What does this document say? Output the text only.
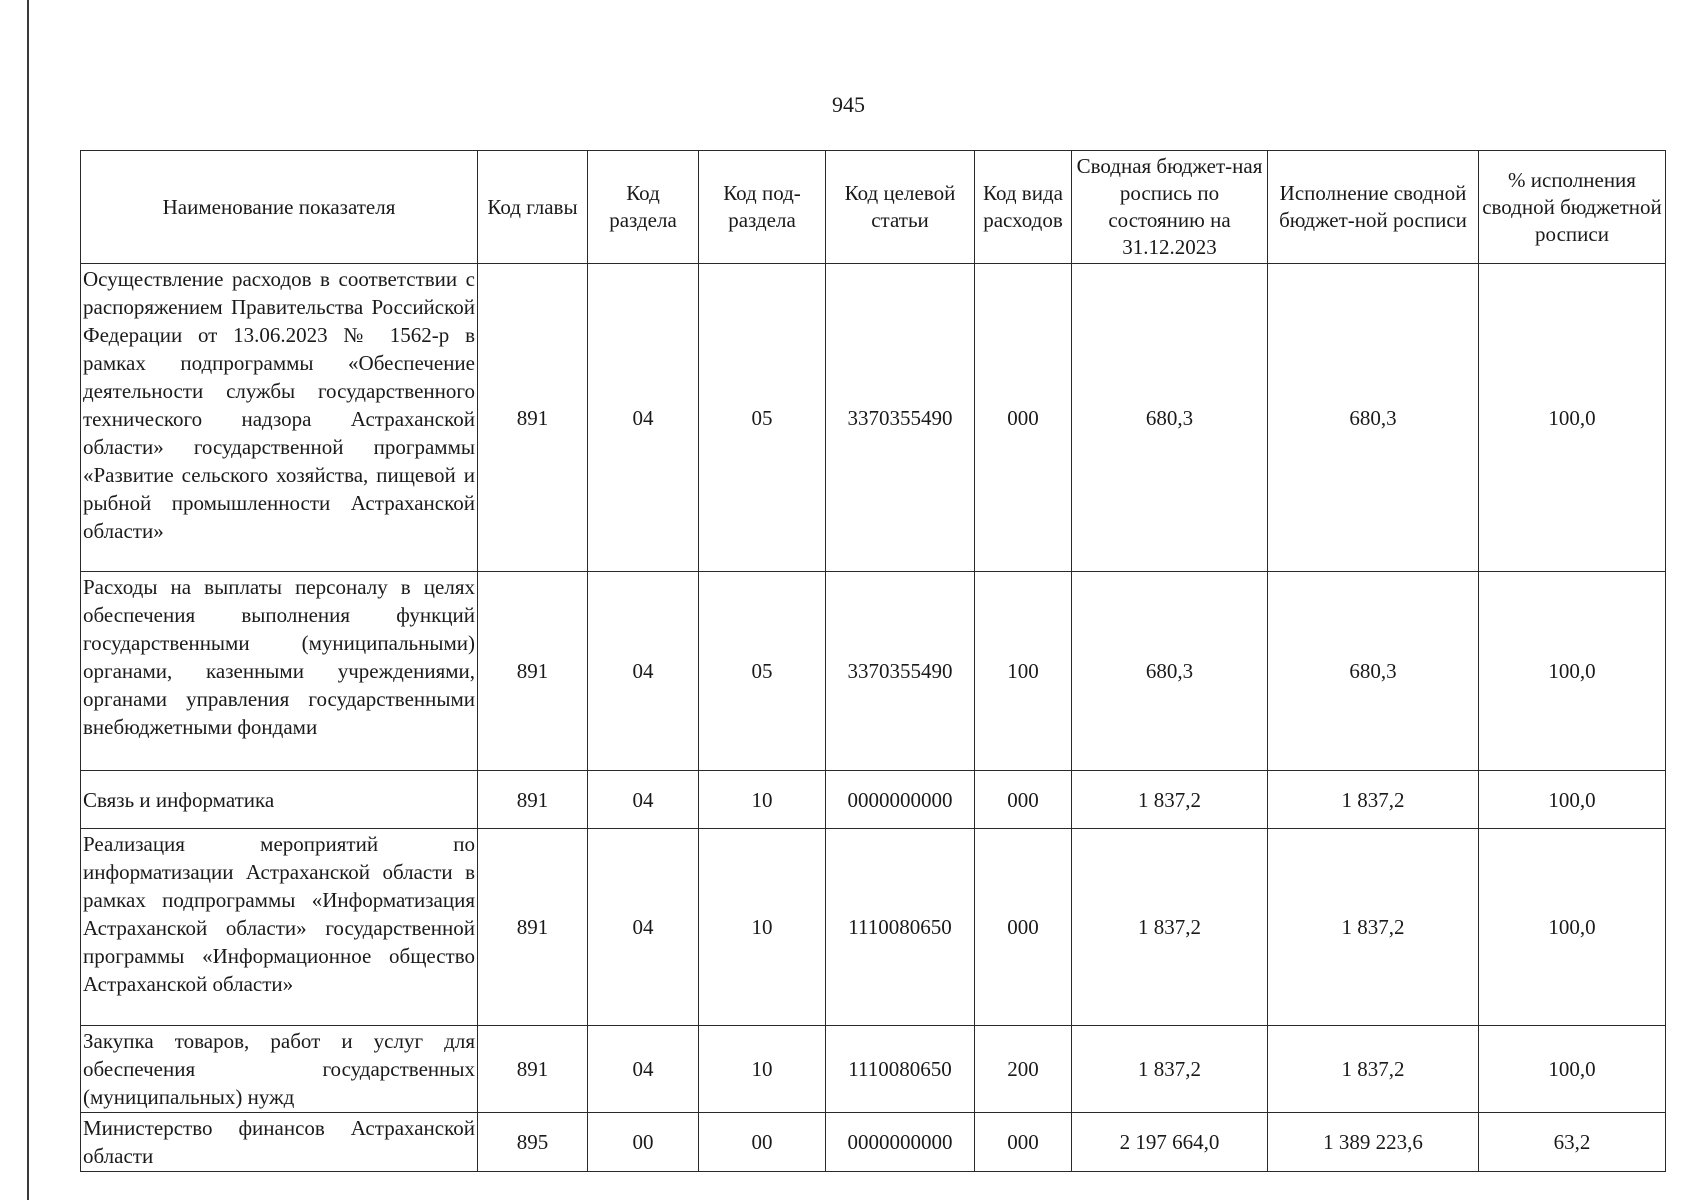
945
Наименование показателя	Код главы	Код раздела	Код под-раздела	Код целевой статьи	Код вида расходов	Сводная бюджет-ная роспись по состоянию на 31.12.2023	Исполнение сводной бюджет-ной росписи	% исполнения сводной бюджетной росписи
Осуществление расходов в соответствии с распоряжением Правительства Российской Федерации от 13.06.2023 № 1562-р в рамках подпрограммы «Обеспечение деятельности службы государственного технического надзора Астраханской области» государственной программы «Развитие сельского хозяйства, пищевой и рыбной промышленности Астраханской области»	891	04	05	3370355490	000	680,3	680,3	100,0
Расходы на выплаты персоналу в целях обеспечения выполнения функций государственными (муниципальными) органами, казенными учреждениями, органами управления государственными внебюджетными фондами	891	04	05	3370355490	100	680,3	680,3	100,0
Связь и информатика	891	04	10	0000000000	000	1 837,2	1 837,2	100,0
Реализация мероприятий по информатизации Астраханской области в рамках подпрограммы «Информатизация Астраханской области» государственной программы «Информационное общество Астраханской области»	891	04	10	1110080650	000	1 837,2	1 837,2	100,0
Закупка товаров, работ и услуг для обеспечения государственных (муниципальных) нужд	891	04	10	1110080650	200	1 837,2	1 837,2	100,0
Министерство финансов Астраханской области	895	00	00	0000000000	000	2 197 664,0	1 389 223,6	63,2
